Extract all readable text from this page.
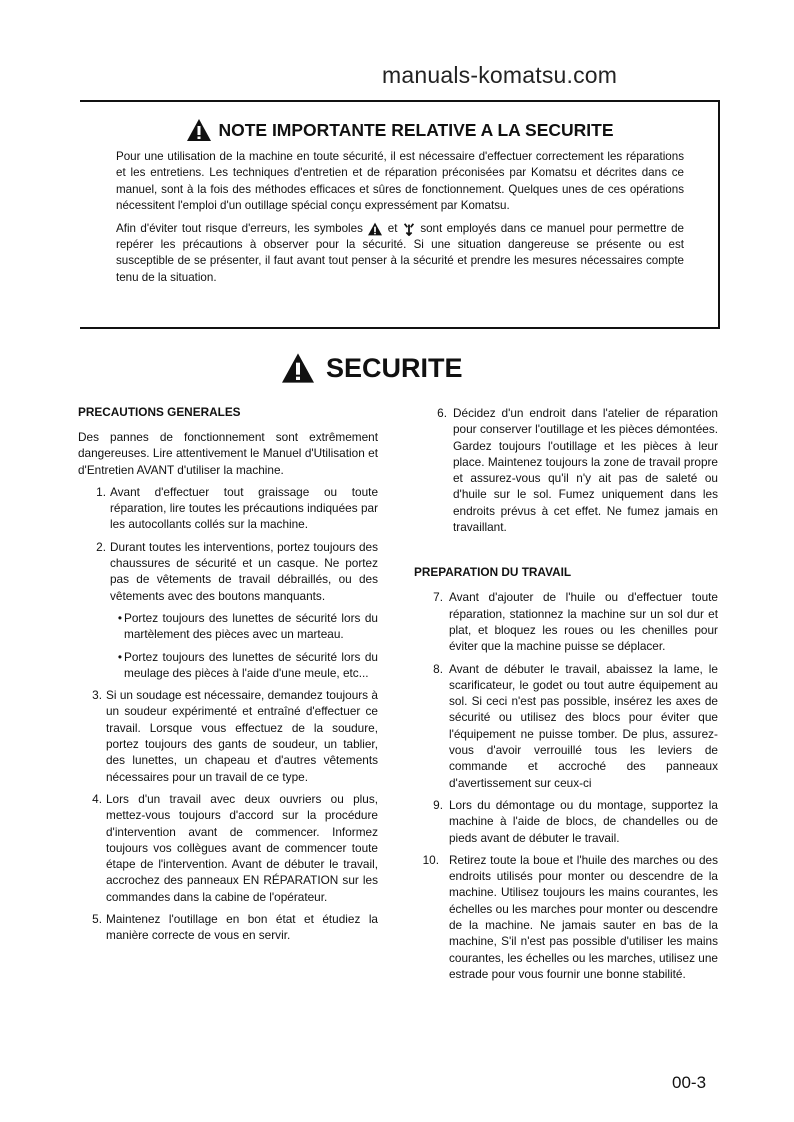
manuals-komatsu.com
NOTE IMPORTANTE RELATIVE A LA SECURITE

Pour une utilisation de la machine en toute sécurité, il est nécessaire d'effectuer correctement les réparations et les entretiens. Les techniques d'entretien et de réparation préconisées par Komatsu et décrites dans ce manuel, sont à la fois des méthodes efficaces et sûres de fonctionnement. Quelques unes de ces opérations nécessitent l'emploi d'un outillage spécial conçu expressément par Komatsu.

Afin d'éviter tout risque d'erreurs, les symboles et sont employés dans ce manuel pour permettre de repérer les précautions à observer pour la sécurité. Si une situation dangereuse se présente ou est susceptible de se présenter, il faut avant tout penser à la sécurité et prendre les mesures nécessaires compte tenu de la situation.

SECURITE
PRECAUTIONS GENERALES
Des pannes de fonctionnement sont extrêmement dangereuses. Lire attentivement le Manuel d'Utilisation et d'Entretien AVANT d'utiliser la machine.
1. Avant d'effectuer tout graissage ou toute réparation, lire toutes les précautions indiquées par les autocollants collés sur la machine.
2. Durant toutes les interventions, portez toujours des chaussures de sécurité et un casque. Ne portez pas de vêtements de travail débraillés, ou des vêtements avec des boutons manquants.
• Portez toujours des lunettes de sécurité lors du martèlement des pièces avec un marteau.
• Portez toujours des lunettes de sécurité lors du meulage des pièces à l'aide d'une meule, etc...
3. Si un soudage est nécessaire, demandez toujours à un soudeur expérimenté et entraîné d'effectuer ce travail. Lorsque vous effectuez de la soudure, portez toujours des gants de soudeur, un tablier, des lunettes, un chapeau et d'autres vêtements nécessaires pour un travail de ce type.
4. Lors d'un travail avec deux ouvriers ou plus, mettez-vous toujours d'accord sur la procédure d'intervention avant de commencer. Informez toujours vos collègues avant de commencer toute étape de l'intervention. Avant de débuter le travail, accrochez des panneaux EN RÉPARATION sur les commandes dans la cabine de l'opérateur.
5. Maintenez l'outillage en bon état et étudiez la manière correcte de vous en servir.
6. Décidez d'un endroit dans l'atelier de réparation pour conserver l'outillage et les pièces démontées. Gardez toujours l'outillage et les pièces à leur place. Maintenez toujours la zone de travail propre et assurez-vous qu'il n'y ait pas de saleté ou d'huile sur le sol. Fumez uniquement dans les endroits prévus à cet effet. Ne fumez jamais en travaillant.
PREPARATION DU TRAVAIL
7. Avant d'ajouter de l'huile ou d'effectuer toute réparation, stationnez la machine sur un sol dur et plat, et bloquez les roues ou les chenilles pour éviter que la machine puisse se déplacer.
8. Avant de débuter le travail, abaissez la lame, le scarificateur, le godet ou tout autre équipement au sol. Si ceci n'est pas possible, insérez les axes de sécurité ou utilisez des blocs pour éviter que l'équipement ne puisse tomber. De plus, assurez-vous d'avoir verrouillé tous les leviers de commande et accroché des panneaux d'avertissement sur ceux-ci
9. Lors du démontage ou du montage, supportez la machine à l'aide de blocs, de chandelles ou de pieds avant de débuter le travail.
10. Retirez toute la boue et l'huile des marches ou des endroits utilisés pour monter ou descendre de la machine. Utilisez toujours les mains courantes, les échelles ou les marches pour monter ou descendre de la machine. Ne jamais sauter en bas de la machine, S'il n'est pas possible d'utiliser les mains courantes, les échelles ou les marches, utilisez une estrade pour vous fournir une bonne stabilité.
00-3
